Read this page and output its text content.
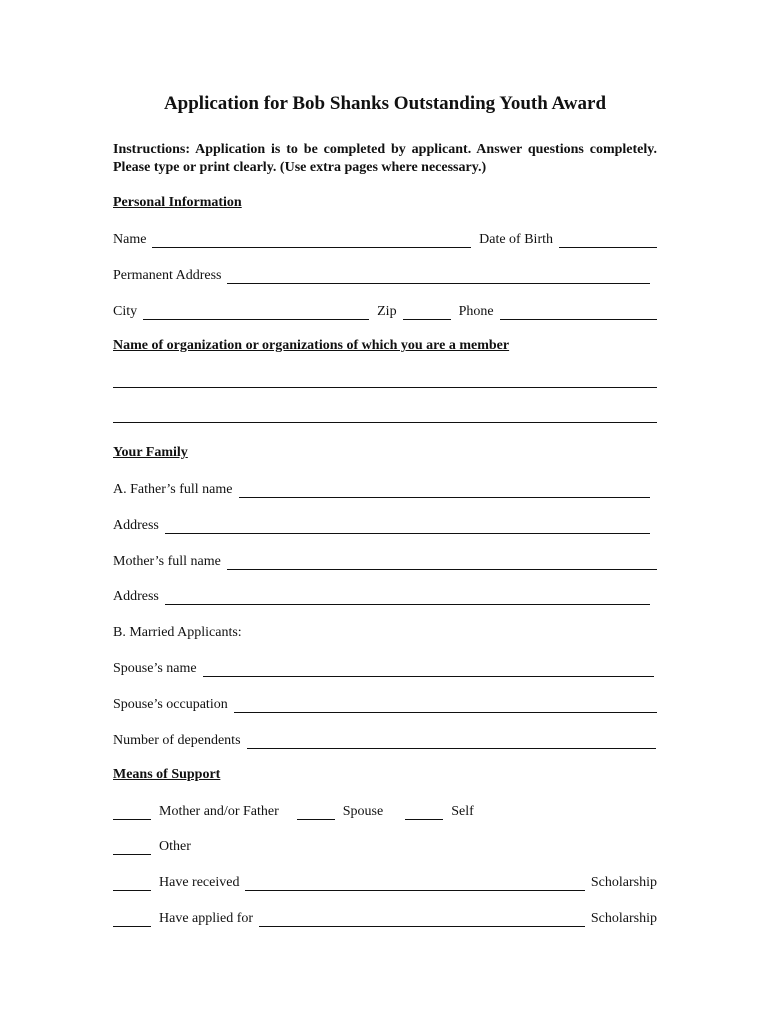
Application for Bob Shanks Outstanding Youth Award
Instructions: Application is to be completed by applicant. Answer questions completely. Please type or print clearly. (Use extra pages where necessary.)
Personal Information
Name	Date of Birth
Permanent Address
City	Zip	Phone
Name of organization or organizations of which you are a member
Your Family
A. Father’s full name
Address
Mother’s full name
Address
B. Married Applicants:
Spouse’s name
Spouse’s occupation
Number of dependents
Means of Support
Mother and/or Father	Spouse	Self
Other
Have received	Scholarship
Have applied for	Scholarship
